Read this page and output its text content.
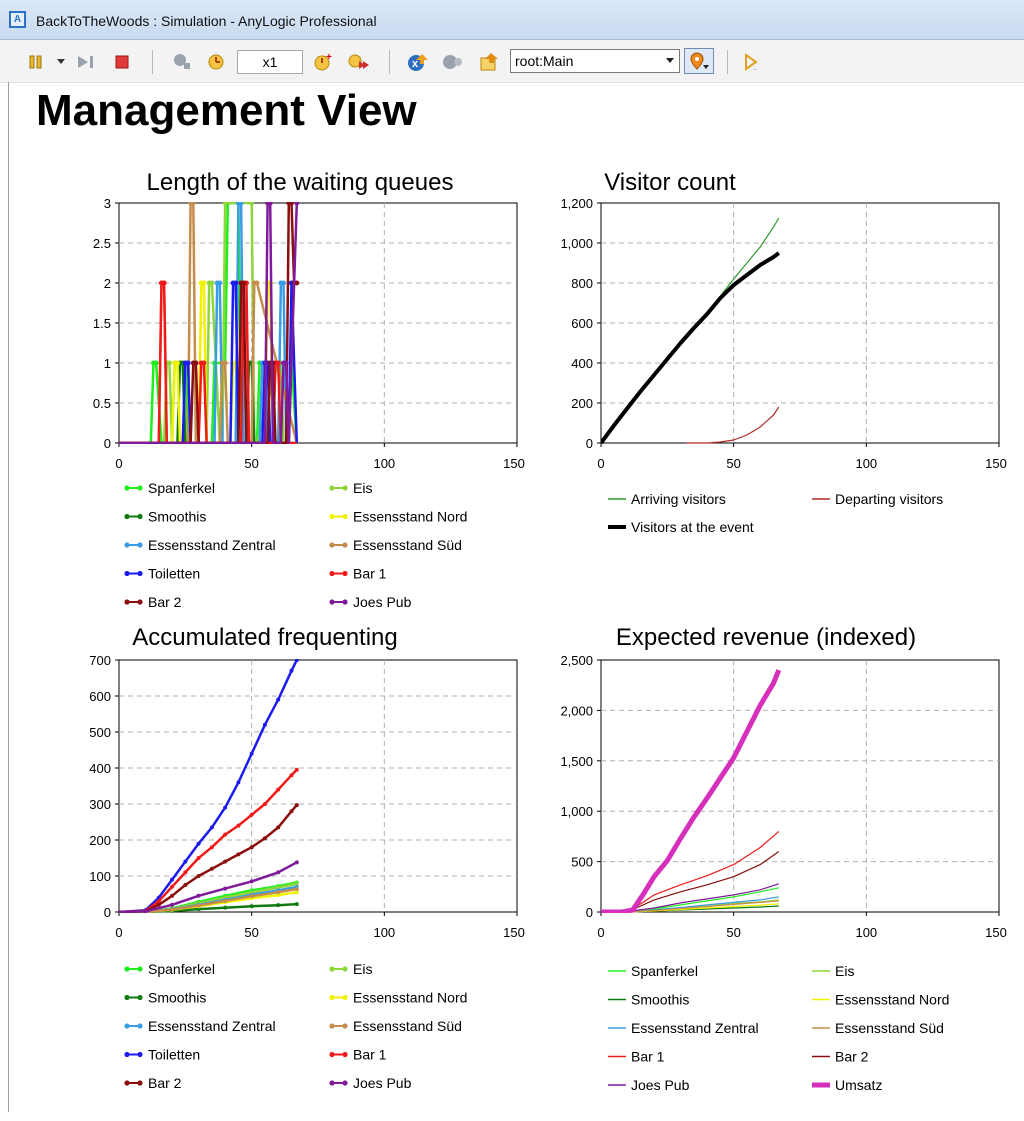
A	BackToTheWoods : Simulation - AnyLogic Professional
x1	+
x	root:Main	..
Management View
Length of the waiting queues
0
0.5
1
1.5
2
2.5
3
0	50	100	150
Spanferkel	Eis
Smoothis	Essensstand Nord
Essensstand Zentral	Essensstand Süd
Toiletten	Bar 1
Bar 2	Joes Pub
Visitor count
0
200
400
600
800
1,000
1,200
0	50	100	150
Arriving visitors	Departing visitors
Visitors at the event
Accumulated frequenting
0
100
200
300
400
500
600
700
0	50	100	150
Spanferkel	Eis
Smoothis	Essensstand Nord
Essensstand Zentral	Essensstand Süd
Toiletten	Bar 1
Bar 2	Joes Pub
Expected revenue (indexed)
0
500
1,000
1,500
2,000
2,500
0	50	100	150
Spanferkel	Eis
Smoothis	Essensstand Nord
Essensstand Zentral	Essensstand Süd
Bar 1	Bar 2
Joes Pub	Umsatz
